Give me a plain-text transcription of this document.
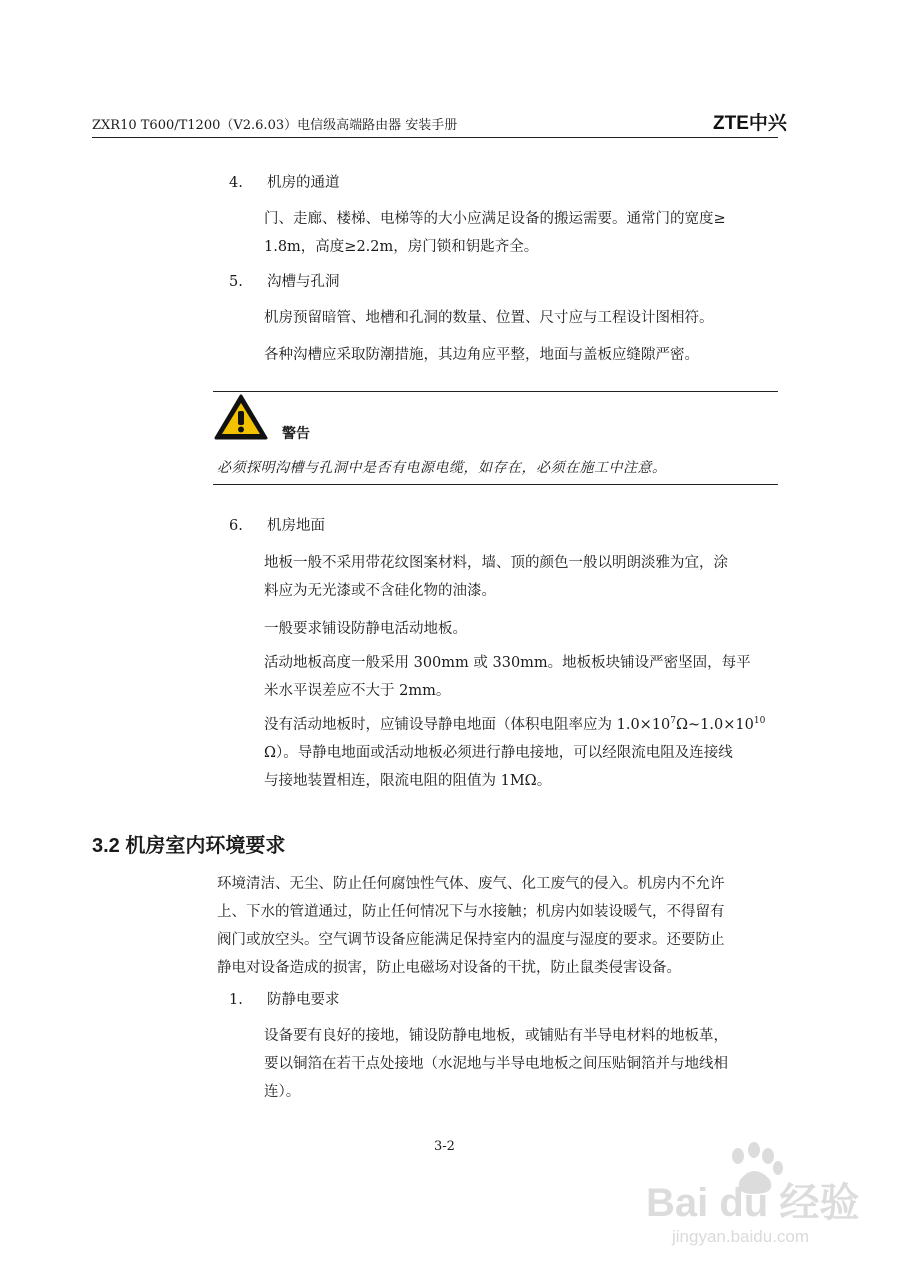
ZXR10 T600/T1200（V2.6.03）电信级高端路由器 安装手册	ZTE中兴
4. 机房的通道
门、走廊、楼梯、电梯等的大小应满足设备的搬运需要。通常门的宽度≥
1.8m，高度≥2.2m，房门锁和钥匙齐全。
5. 沟槽与孔洞
机房预留暗管、地槽和孔洞的数量、位置、尺寸应与工程设计图相符。
各种沟槽应采取防潮措施，其边角应平整，地面与盖板应缝隙严密。
警告
必须探明沟槽与孔洞中是否有电源电缆，如存在，必须在施工中注意。
6. 机房地面
地板一般不采用带花纹图案材料，墙、顶的颜色一般以明朗淡雅为宜，涂
料应为无光漆或不含硅化物的油漆。
一般要求铺设防静电活动地板。
活动地板高度一般采用 300mm 或 330mm。地板板块铺设严密坚固，每平
米水平误差应不大于 2mm。
没有活动地板时，应铺设导静电地面（体积电阻率应为 $1.0\times 10^7\Omega\sim 1.0\times 10^{10}$
Ω）。导静电地面或活动地板必须进行静电接地，可以经限流电阻及连接线
与接地装置相连，限流电阻的阻值为 1MΩ。
3.2 机房室内环境要求
环境清洁、无尘、防止任何腐蚀性气体、废气、化工废气的侵入。机房内不允许
上、下水的管道通过，防止任何情况下与水接触；机房内如装设暖气，不得留有
阀门或放空头。空气调节设备应能满足保持室内的温度与湿度的要求。还要防止
静电对设备造成的损害，防止电磁场对设备的干扰，防止鼠类侵害设备。
1. 防静电要求
设备要有良好的接地，铺设防静电地板，或铺贴有半导电材料的地板革，
要以铜箔在若干点处接地（水泥地与半导电地板之间压贴铜箔并与地线相
连）。
3-2
Bai du 经验
jingyan.baidu.com
